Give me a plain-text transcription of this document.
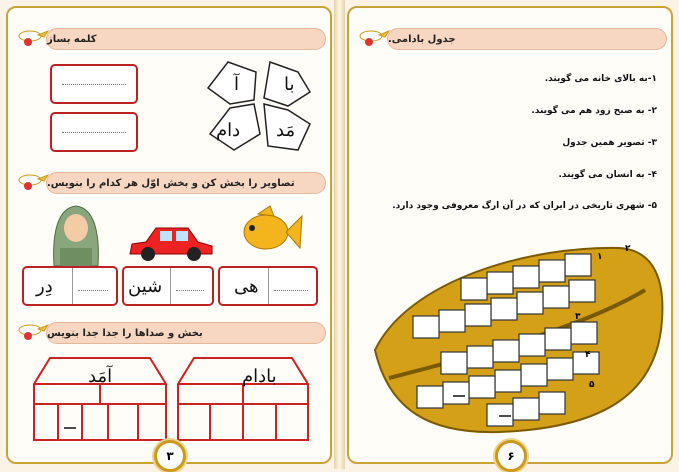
کلمه بساز
با
آ
مَد
دام
تصاویر را بخش کن و بخش اوّل هر کدام را بنویس.
هی
شین
دِر
بخش و صداها را جدا جدا بنویس
بادام
آمَد
۳
جدول بادامی.
۱-به بالای خانه می گویند.
۲- به صبح زود هم می گویند.
۳- تصویر همین جدول
۴- به انسان می گویند.
۵- شهری تاریخی در ایران که در آن ارگ معروفی وجود دارد.
۱
۲
۳
۴
۵
۶
